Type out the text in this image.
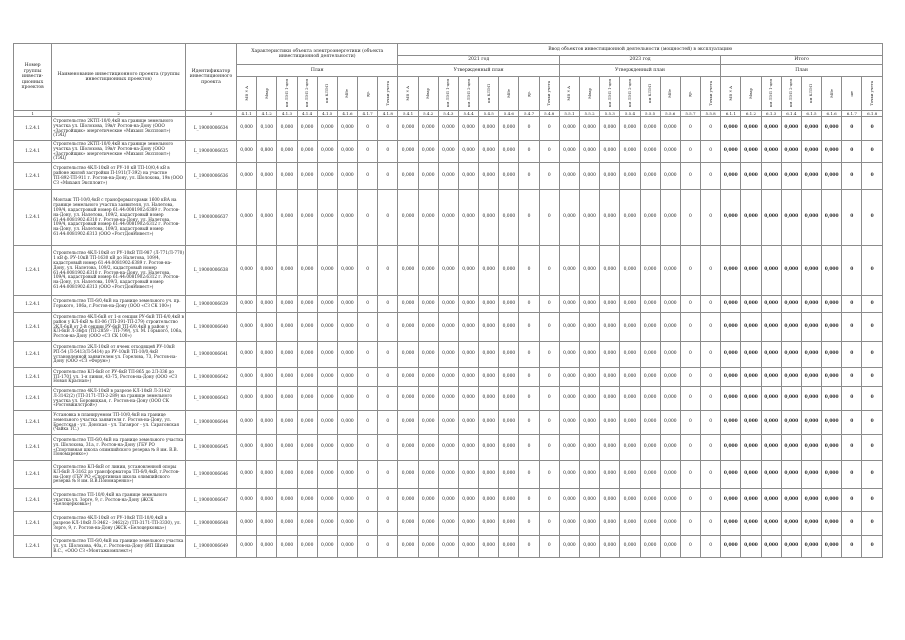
Номер группы инвести-ционных проектов	Наименование инвестиционного проекта (группы инвестиционных проектов)	Идентификатор инвестиционного проекта	Характеристики объекта электроэнергетики (объекта инвестиционной деятельности)								Ввод объектов инвестиционной деятельности (мощностей) в эксплуатацию																							
											2021 год								2023 год								Итого							
			План								Утвержденный план								Утвержденный план								План							

			МВ×А	Мвар	км ЛЭП 1-цеп	км ЛЭП 2-цеп	км КЛЭП	МВт	др.	Точки учета	МВ×А	Мвар	км ЛЭП 1-цеп	км ЛЭП 2-цеп	км КЛЭП	МВт	др.	Точки учета	МВ×А	Мвар	км ЛЭП 1-цеп	км ЛЭП 2-цеп	км КЛЭП	МВт	др.	Точки учета	МВ×А	Мвар	км ЛЭП 1-цеп	км ЛЭП 2-цеп	км КЛЭП	МВт	шт	Точки учета

1	2	3	4.1.1	4.1.2	4.1.3	4.1.4	4.1.5	4.1.6	4.1.7	4.1.8	5.4.1	5.4.2	5.4.3	5.4.4	5.4.5	5.4.6	5.4.7	5.4.8	5.5.1	5.5.2	5.5.3	5.5.4	5.5.5	5.5.6	5.5.7	5.5.8	6.1.1	6.1.2	6.1.3	6.1.4	6.1.5	6.1.6	6.1.7	6.1.8
1.2.4.1	Строительство 2КТП-10/0,4кВ на границе земельного участка ул. Шолохова, 19в/г Ростов-на-Дону (ООО «Застройщик» энергетические «Михаил Эксплоит») (ТЭЦ)	L_19000006634	0,000	0,100	0,000	0,000	0,000	0,000	0	0	0,000	0,000	0,000	0,000	0,000	0,000	0	0	0,000	0,000	0,000	0,000	0,000	0,000	0	0	0,000	0,000	0,000	0,000	0,000	0,000	0	0
1.2.4.1	Строительство 2КТП-10/0,4кВ на границе земельного участка ул. Шолохова, 19в/г Ростов-на-Дону (ООО «Застройщик» энергетические «Михаил Эксплоит») (ТЭЦ)	L_19000006635	0,000	0,800	0,000	0,000	0,000	0,000	0	0	0,000	0,000	0,000	0,000	0,000	0,000	0	0	0,000	0,000	0,000	0,000	0,000	0,000	0	0	0,000	0,000	0,000	0,000	0,000	0,000	0	0
1.2.4.1	Строительство 4КЛ-10кВ от РУ-10 кВ ТП-10/0,4 кВ в районе жилой застройки П-1911(Т-392) на участке ТП-892-ТП-911 г. Ростов-на-Дону, ул. Шолохова, 19в (ООО СЗ «Михаил Эксплоит»)	L_19000006636	0,000	0,000	0,000	0,000	0,000	0,000	0	0	0,000	0,000	0,000	0,000	0,000	0,000	0	0	0,000	0,000	0,000	0,000	0,000	0,000	0	0	0,000	0,000	0,000	0,000	0,000	0,000	0	0
1.2.4.1	Монтаж ТП-10/0,4кВ с трансформаторами 1600 кВА на границе земельного участка заявителя, ул. Налетова, 109/4, кадастровый номер 61:44:0081902:6389 г. Ростов-на-Дону, ул. Налетова, 109/2, кадастровый номер 61:44:0081902:6310 г. Ростов-на-Дону, ул. Налетова, 109/4, кадастровый номер 61:44:0081902:6312 г. Ростов-на-Дону, ул. Налетова, 109/3, кадастровый номер 61:44:0081902:6313 (ООО «РостДонИнвест»)	L_19000006637	0,000	0,000	0,000	0,000	0,000	0,000	0	0	0,000	0,000	0,000	0,000	0,000	0,000	0	0	0,000	0,000	0,000	0,000	0,000	0,000	0	0	0,000	0,000	0,000	0,000	0,000	0,000	0	0
1.2.4.1	Строительство 4КЛ-10кВ от РУ-10кВ ТП-987 (Л-771/Л-770) 1 кВ ф. РУ-10кВ ТП-1630 кВ до Налетова, 109/4, кадастровый номер 61:44:0081902:6389 г. Ростов-на-Дону, ул. Налетова, 109/2, кадастровый номер 61:44:0081902:6310 г. Ростов-на-Дону, ул. Налетова, 109/4, кадастровый номер 61:44:0081902:6312 г. Ростов-на-Дону, ул. Налетова, 109/3, кадастровый номер 61:44:0081902:6313 (ООО «РостДонИнвест»)	L_19000006638	0,000	0,000	0,000	0,000	0,000	0,000	0	0	0,000	0,000	0,000	0,000	0,000	0,000	0	0	0,000	0,000	0,000	0,000	0,000	0,000	0	0	0,000	0,000	0,000	0,000	0,000	0,000	0	0
1.2.4.1	Строительство ТП-6/0,4кВ на границе земельного уч. пр. Горького, 106а, г.Ростов-на-Дону (ООО «СЗ СК 100»)	L_19000006639	0,000	0,000	0,000	0,000	0,000	0,000	0	0	0,000	0,000	0,000	0,000	0,000	0,000	0	0	0,000	0,000	0,000	0,000	0,000	0,000	0	0	0,000	0,000	0,000	0,000	0,000	0,000	0	0
1.2.4.1	Строительство 4КЛ-6кВ от 1-я секция РУ-6кВ ТП-6/0,4кВ в район у КЛ-6кВ № 03-06 (ТП-391-ТП-279) строительство 2КЛ-6кВ от 2-й секции РУ-6кВ ТП-6/0,4кВ в район у КЛ-6кВ Л-36фл (ТП-2859 - ТП-799), ул. М. Горького, 106а, Ростов-на-Дону (ООО «СЗ СК 100»)	L_19000006640	0,000	0,000	0,000	0,000	0,000	0,000	0	0	0,000	0,000	0,000	0,000	0,000	0,000	0	0	0,000	0,000	0,000	0,000	0,000	0,000	0	0	0,000	0,000	0,000	0,000	0,000	0,000	0	0
1.2.4.1	Строительство 2КЛ-10кВ от ячеек отходящей РУ-10кВ РП-54 (Л-5413/Л-5414) до РУ-10кВ ТП-10/0,4кВ установленной заявителем ул. Горелова, 73, Ростов-на-Дону (ООО «СЗ «Форум»)	L_19000006641	0,000	0,000	0,000	0,000	0,000	0,000	0	0	0,000	0,000	0,000	0,000	0,000	0,000	0	0	0,000	0,000	0,000	0,000	0,000	0,000	0	0	0,000	0,000	0,000	0,000	0,000	0,000	0	0
1.2.4.1	Строительство КЛ-6кВ от РУ-6кВ ТП-865 до 2Л-336 до ТП-1701 ул. 1-я линия, 43-75, Ростов-на-Дону (ООО «СЗ Новая Красная»)	L_19000006642	0,000	0,000	0,000	0,000	0,000	0,000	0	0	0,000	0,000	0,000	0,000	0,000	0,000	0	0	0,000	0,000	0,000	0,000	0,000	0,000	0	0	0,000	0,000	0,000	0,000	0,000	0,000	0	0
1.2.4.1	Строительство 4КЛ-10кВ в разрезе КЛ-10кВ Л-3142/Л-3142(2) (ТП-3171-ТП-2-289) на границе земельного участка ул. Боровицкая, г. Ростов-на-Дону (ООО СК «Ростовжилстрой»)	L_19000006643	0,000	0,000	0,000	0,000	0,000	0,000	0	0	0,000	0,000	0,000	0,000	0,000	0,000	0	0	0,000	0,000	0,000	0,000	0,000	0,000	0	0	0,000	0,000	0,000	0,000	0,000	0,000	0	0
1.2.4.1	Установка в планируемом ТП-10/0,4кВ на границе земельного участка заявителя г. Ростов-на-Дону, ул. Брестская - ул. Донская - ул. Таганрог - ул. Саратовская (Чайка ТС.)	L_19000006644	0,000	0,000	0,000	0,000	0,000	0,000	0	0	0,000	0,000	0,000	0,000	0,000	0,000	0	0	0,000	0,000	0,000	0,000	0,000	0,000	0	0	0,000	0,000	0,000	0,000	0,000	0,000	0	0
1.2.4.1	Строительство ТП-6/0,4кВ на границе земельного участка ул. Шолохова, 31а, г. Ростов-на-Дону (ГБУ РО «Спортивная школа олимпийского резерва № 8 им. В.В. Пономаренко»)	L_19000006645	0,000	0,000	0,000	0,000	0,000	0,000	0	0	0,000	0,000	0,000	0,000	0,000	0,000	0	0	0,000	0,000	0,000	0,000	0,000	0,000	0	0	0,000	0,000	0,000	0,000	0,000	0,000	0	0
1.2.4.1	Строительство КЛ-6кВ от линии, установленной опоры КЛ-6кВ Л-3162 до трансформатора ТП-6/0,4кВ, г.Ростов-на-Дону (ГБУ РО «Спортивная школа олимпийского резерва № 8 им. В.В.Пономаренко»)	L_19000006646	0,000	0,000	0,000	0,000	0,000	0,000	0	0	0,000	0,000	0,000	0,000	0,000	0,000	0	0	0,000	0,000	0,000	0,000	0,000	0,000	0	0	0,000	0,000	0,000	0,000	0,000	0,000	0	0
1.2.4.1	Строительство ТП-10/0,4кВ на границе земельного участка ул. Зорге, 9, г. Ростов-на-Дону (ЖСК «Белоцерковка»)	L_19000006647	0,000	0,000	0,000	0,000	0,000	0,000	0	0	0,000	0,000	0,000	0,000	0,000	0,000	0	0	0,000	0,000	0,000	0,000	0,000	0,000	0	0	0,000	0,000	0,000	0,000	0,000	0,000	0	0
1.2.4.1	Строительство 4КЛ-10кВ от РУ-10кВ ТП-10/0,4кВ в разрезе КЛ-10кВ Л-3462 - 3462(2) (ТП-3171-ТП-3330), ул. Зорге, 9, г. Ростов-на-Дону (ЖСК «Белоцерковка»)	L_19000006648	0,000	0,000	0,000	0,000	0,000	0,000	0	0	0,000	0,000	0,000	0,000	0,000	0,000	0	0	0,000	0,000	0,000	0,000	0,000	0,000	0	0	0,000	0,000	0,000	0,000	0,000	0,000	0	0
1.2.4.1	Строительство ТП-6/0,4кВ на границе земельного участка ул. ул. Шолохова, 40а, г. Ростов-на-Дону (ИП Шишкин В.С., «ООО СЗ «Монтажкомплект»)	L_19000006649	0,000	0,000	0,000	0,000	0,000	0,000	0	0	0,000	0,000	0,000	0,000	0,000	0,000	0	0	0,000	0,000	0,000	0,000	0,000	0,000	0	0	0,000	0,000	0,000	0,000	0,000	0,000	0	0
